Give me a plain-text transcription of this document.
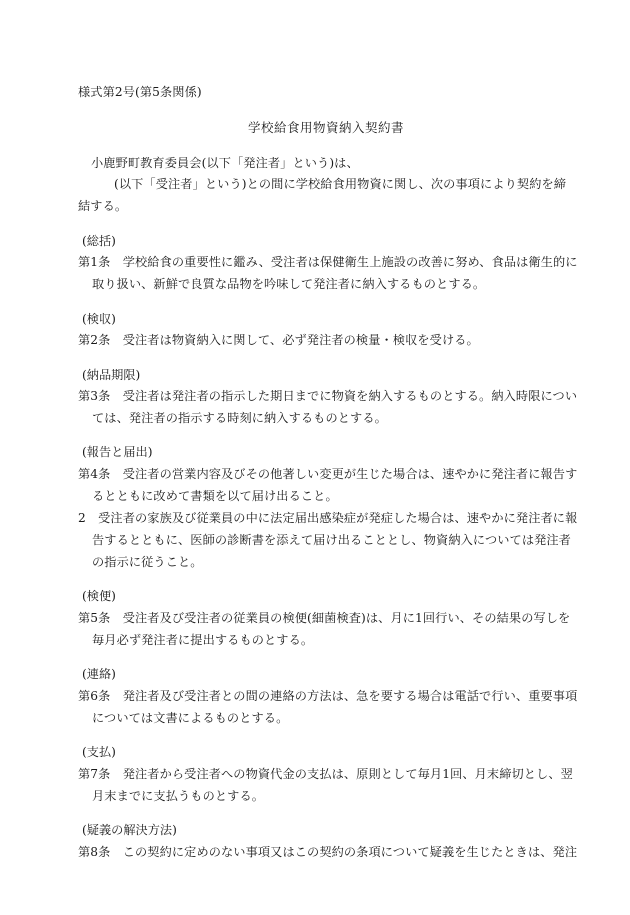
様式第2号(第5条関係)
学校給食用物資納入契約書
小鹿野町教育委員会(以下「発注者」という)は、
(以下「受注者」という)との間に学校給食用物資に関し、次の事項により契約を締
結する。
(総括)
第1条　学校給食の重要性に鑑み、受注者は保健衛生上施設の改善に努め、食品は衛生的に
取り扱い、新鮮で良質な品物を吟味して発注者に納入するものとする。
(検収)
第2条　受注者は物資納入に関して、必ず発注者の検量・検収を受ける。
(納品期限)
第3条　受注者は発注者の指示した期日までに物資を納入するものとする。納入時限につい
ては、発注者の指示する時刻に納入するものとする。
(報告と届出)
第4条　受注者の営業内容及びその他著しい変更が生じた場合は、速やかに発注者に報告す
るとともに改めて書類を以て届け出ること。
2　受注者の家族及び従業員の中に法定届出感染症が発症した場合は、速やかに発注者に報
告するとともに、医師の診断書を添えて届け出ることとし、物資納入については発注者
の指示に従うこと。
(検便)
第5条　受注者及び受注者の従業員の検便(細菌検査)は、月に1回行い、その結果の写しを
毎月必ず発注者に提出するものとする。
(連絡)
第6条　発注者及び受注者との間の連絡の方法は、急を要する場合は電話で行い、重要事項
については文書によるものとする。
(支払)
第7条　発注者から受注者への物資代金の支払は、原則として毎月1回、月末締切とし、翌
月末までに支払うものとする。
(疑義の解決方法)
第8条　この契約に定めのない事項又はこの契約の条項について疑義を生じたときは、発注
